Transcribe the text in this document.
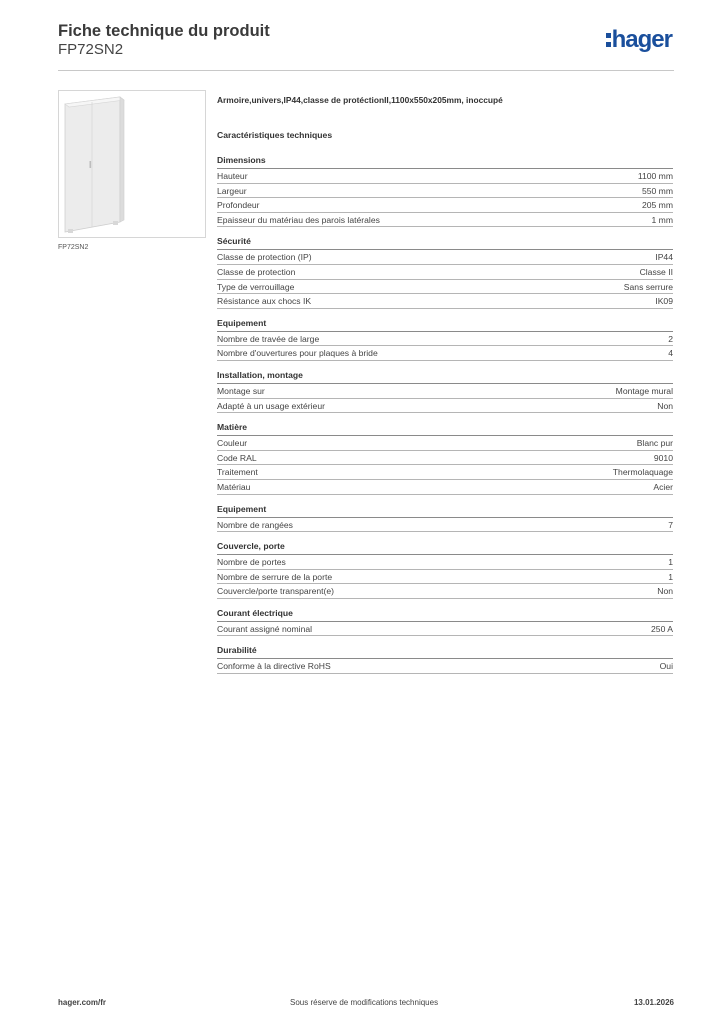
Fiche technique du produit
FP72SN2	hager
FP72SN2
Armoire,univers,IP44,classe de protéctionII,1100x550x205mm, inoccupé
Caractéristiques techniques
Dimensions
Hauteur	1100 mm
Largeur	550 mm
Profondeur	205 mm
Epaisseur du matériau des parois latérales	1 mm
Sécurité
Classe de protection (IP)	IP44
Classe de protection	Classe II
Type de verrouillage	Sans serrure
Résistance aux chocs IK	IK09
Equipement
Nombre de travée de large	2
Nombre d'ouvertures pour plaques à bride	4
Installation, montage
Montage sur	Montage mural
Adapté à un usage extérieur	Non
Matière
Couleur	Blanc pur
Code RAL	9010
Traitement	Thermolaquage
Matériau	Acier
Equipement
Nombre de rangées	7
Couvercle, porte
Nombre de portes	1
Nombre de serrure de la porte	1
Couvercle/porte transparent(e)	Non
Courant électrique
Courant assigné nominal	250 A
Durabilité
Conforme à la directive RoHS	Oui
hager.com/fr	Sous réserve de modifications techniques	13.01.2026
